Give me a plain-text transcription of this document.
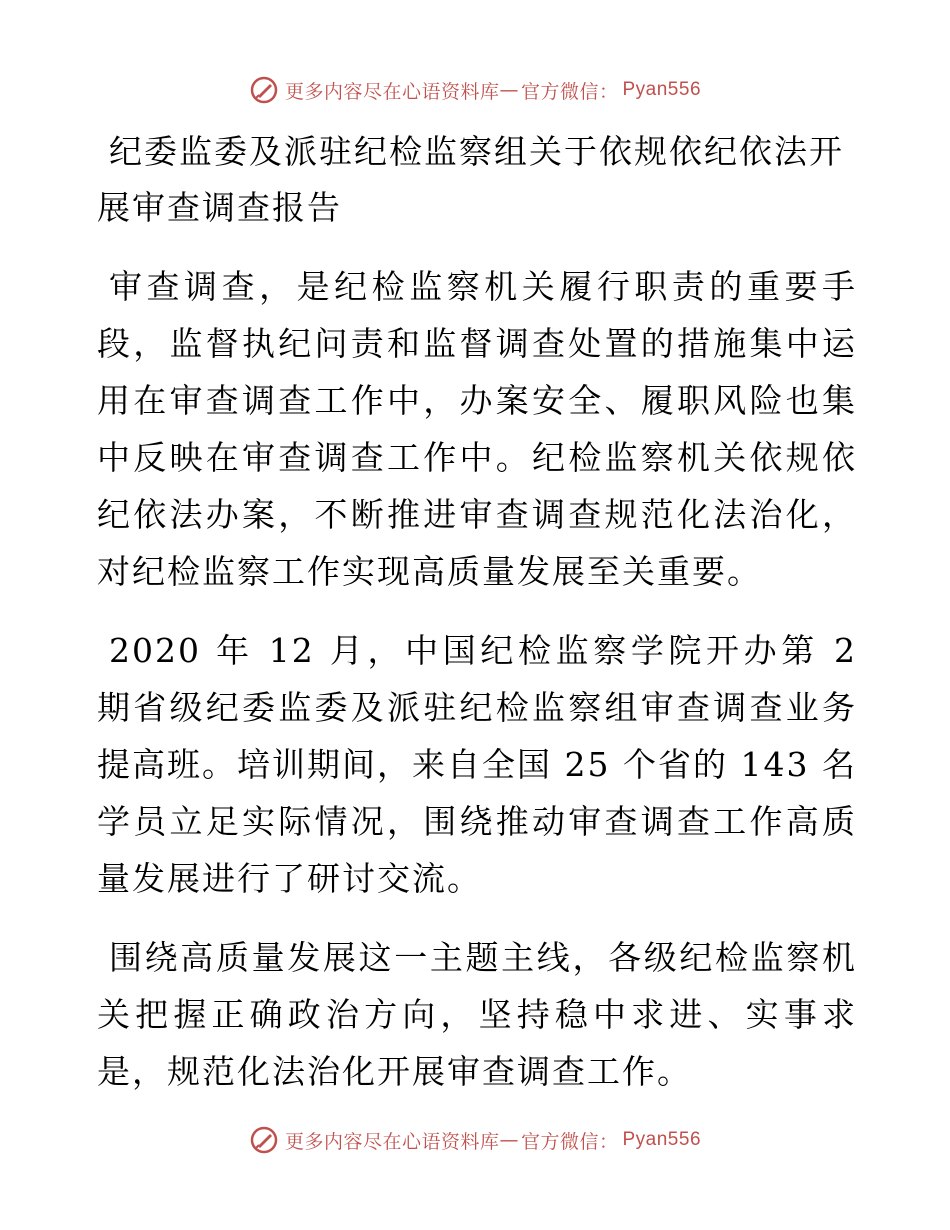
更多内容尽在心语资料库 — 官方微信： Pyan556
纪委监委及派驻纪检监察组关于依规依纪依法开展审查调查报告

审查调查，是纪检监察机关履行职责的重要手段，监督执纪问责和监督调查处置的措施集中运用在审查调查工作中，办案安全、履职风险也集中反映在审查调查工作中。纪检监察机关依规依纪依法办案，不断推进审查调查规范化法治化，对纪检监察工作实现高质量发展至关重要。

2020 年 12 月，中国纪检监察学院开办第 2 期省级纪委监委及派驻纪检监察组审查调查业务提高班。培训期间，来自全国 25 个省的 143 名学员立足实际情况，围绕推动审查调查工作高质量发展进行了研讨交流。

围绕高质量发展这一主题主线，各级纪检监察机关把握正确政治方向，坚持稳中求进、实事求是，规范化法治化开展审查调查工作。

更多内容尽在心语资料库 — 官方微信： Pyan556
